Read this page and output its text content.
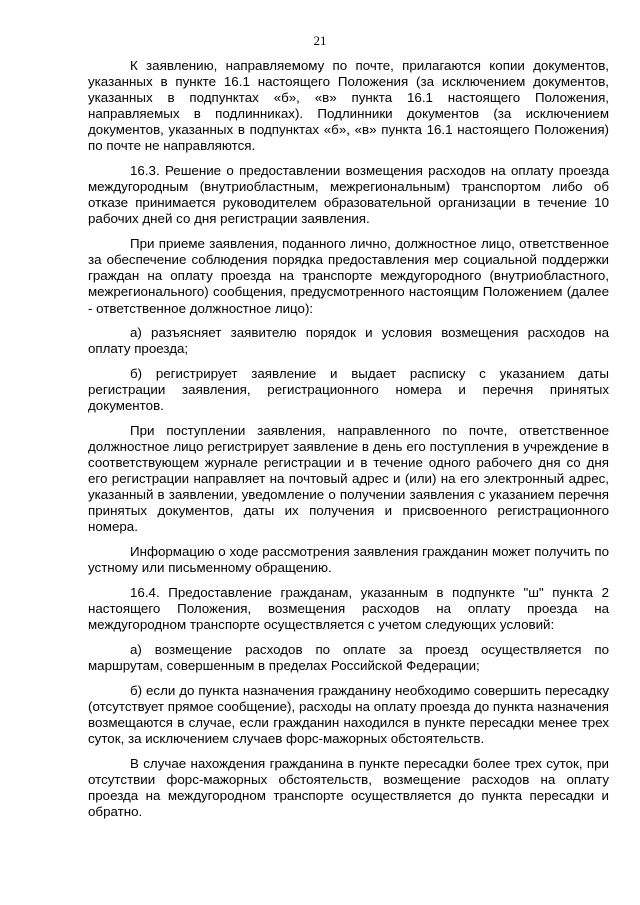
21

К заявлению, направляемому по почте, прилагаются копии документов, указанных в пункте 16.1 настоящего Положения (за исключением документов, указанных в подпунктах «б», «в» пункта 16.1 настоящего Положения, направляемых в подлинниках). Подлинники документов (за исключением документов, указанных в подпунктах «б», «в» пункта 16.1 настоящего Положения) по почте не направляются.

16.3. Решение о предоставлении возмещения расходов на оплату проезда междугородным (внутриобластным, межрегиональным) транспортом либо об отказе принимается руководителем образовательной организации в течение 10 рабочих дней со дня регистрации заявления.

При приеме заявления, поданного лично, должностное лицо, ответственное за обеспечение соблюдения порядка предоставления мер социальной поддержки граждан на оплату проезда на транспорте междугородного (внутриобластного, межрегионального) сообщения, предусмотренного настоящим Положением (далее - ответственное должностное лицо):

а) разъясняет заявителю порядок и условия возмещения расходов на оплату проезда;

б) регистрирует заявление и выдает расписку с указанием даты регистрации заявления, регистрационного номера и перечня принятых документов.

При поступлении заявления, направленного по почте, ответственное должностное лицо регистрирует заявление в день его поступления в учреждение в соответствующем журнале регистрации и в течение одного рабочего дня со дня его регистрации направляет на почтовый адрес и (или) на его электронный адрес, указанный в заявлении, уведомление о получении заявления с указанием перечня принятых документов, даты их получения и присвоенного регистрационного номера.

Информацию о ходе рассмотрения заявления гражданин может получить по устному или письменному обращению.

16.4. Предоставление гражданам, указанным в подпункте "ш" пункта 2 настоящего Положения, возмещения расходов на оплату проезда на междугородном транспорте осуществляется с учетом следующих условий:

а) возмещение расходов по оплате за проезд осуществляется по маршрутам, совершенным в пределах Российской Федерации;

б) если до пункта назначения гражданину необходимо совершить пересадку (отсутствует прямое сообщение), расходы на оплату проезда до пункта назначения возмещаются в случае, если гражданин находился в пункте пересадки менее трех суток, за исключением случаев форс-мажорных обстоятельств.

В случае нахождения гражданина в пункте пересадки более трех суток, при отсутствии форс-мажорных обстоятельств, возмещение расходов на оплату проезда на междугородном транспорте осуществляется до пункта пересадки и обратно.
